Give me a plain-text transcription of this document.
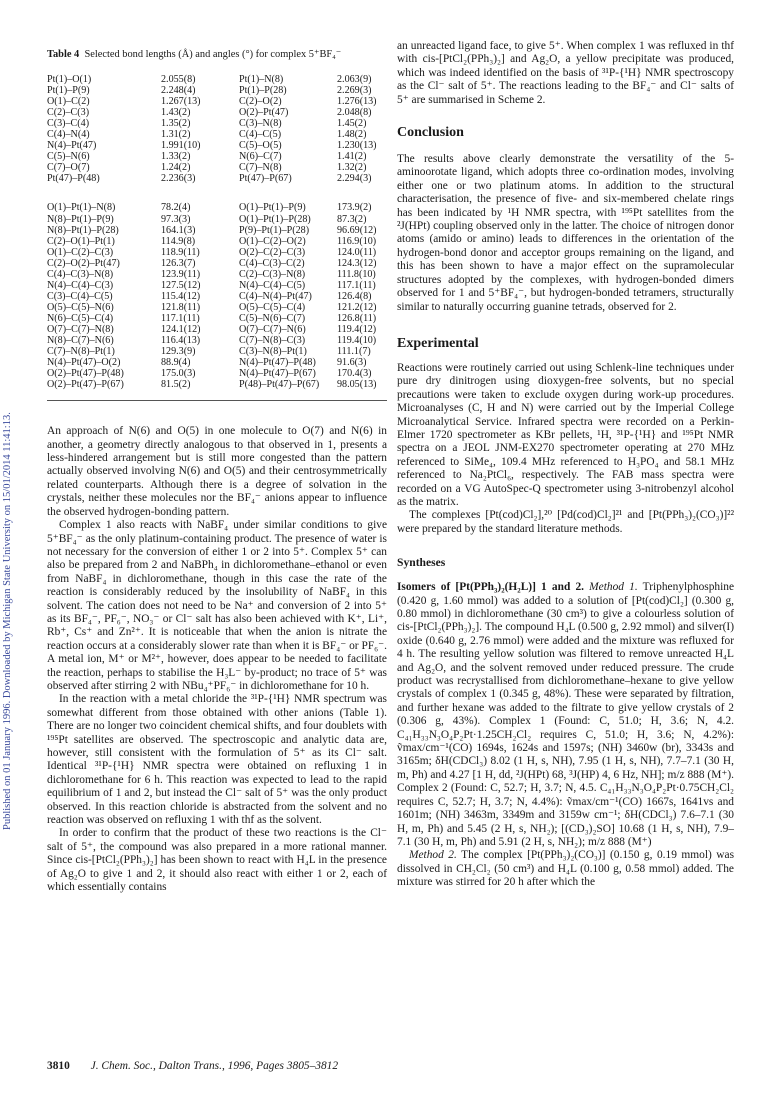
Published on 01 January 1996. Downloaded by Michigan State University on 15/01/2014 11:41:13.
Table 4 Selected bond lengths (Å) and angles (°) for complex 5⁺BF₄⁻
Pt(1)–O(1)	2.055(8)	Pt(1)–N(8)	2.063(9)
Pt(1)–P(9)	2.248(4)	Pt(1)–P(28)	2.269(3)
O(1)–C(2)	1.267(13)	C(2)–O(2)	1.276(13)
C(2)–C(3)	1.43(2)	O(2)–Pt(47)	2.048(8)
C(3)–C(4)	1.35(2)	C(3)–N(8)	1.45(2)
C(4)–N(4)	1.31(2)	C(4)–C(5)	1.48(2)
N(4)–Pt(47)	1.991(10)	C(5)–O(5)	1.230(13)
C(5)–N(6)	1.33(2)	N(6)–C(7)	1.41(2)
C(7)–O(7)	1.24(2)	C(7)–N(8)	1.32(2)
Pt(47)–P(48)	2.236(3)	Pt(47)–P(67)	2.294(3)

O(1)–Pt(1)–N(8)	78.2(4)	O(1)–Pt(1)–P(9)	173.9(2)
N(8)–Pt(1)–P(9)	97.3(3)	O(1)–Pt(1)–P(28)	87.3(2)
N(8)–Pt(1)–P(28)	164.1(3)	P(9)–Pt(1)–P(28)	96.69(12)
C(2)–O(1)–Pt(1)	114.9(8)	O(1)–C(2)–O(2)	116.9(10)
O(1)–C(2)–C(3)	118.9(11)	O(2)–C(2)–C(3)	124.0(11)
C(2)–O(2)–Pt(47)	126.3(7)	C(4)–C(3)–C(2)	124.3(12)
C(4)–C(3)–N(8)	123.9(11)	C(2)–C(3)–N(8)	111.8(10)
N(4)–C(4)–C(3)	127.5(12)	N(4)–C(4)–C(5)	117.1(11)
C(3)–C(4)–C(5)	115.4(12)	C(4)–N(4)–Pt(47)	126.4(8)
O(5)–C(5)–N(6)	121.8(11)	O(5)–C(5)–C(4)	121.2(12)
N(6)–C(5)–C(4)	117.1(11)	C(5)–N(6)–C(7)	126.8(11)
O(7)–C(7)–N(8)	124.1(12)	O(7)–C(7)–N(6)	119.4(12)
N(8)–C(7)–N(6)	116.4(13)	C(7)–N(8)–C(3)	119.4(10)
C(7)–N(8)–Pt(1)	129.3(9)	C(3)–N(8)–Pt(1)	111.1(7)
N(4)–Pt(47)–O(2)	88.9(4)	N(4)–Pt(47)–P(48)	91.6(3)
O(2)–Pt(47)–P(48)	175.0(3)	N(4)–Pt(47)–P(67)	170.4(3)
O(2)–Pt(47)–P(67)	81.5(2)	P(48)–Pt(47)–P(67)	98.05(13)

An approach of N(6) and O(5) in one molecule to O(7) and N(6) in another, a geometry directly analogous to that observed in 1, presents a less-hindered arrangement but is still more congested than the pattern actually observed involving N(6) and O(5) and their centrosymmetrically related counterparts. Although there is a degree of solvation in the crystals, neither these molecules nor the BF₄⁻ anions appear to influence the observed hydrogen-bonding pattern.

Complex 1 also reacts with NaBF₄ under similar conditions to give 5⁺BF₄⁻ as the only platinum-containing product. The presence of water is not necessary for the conversion of either 1 or 2 into 5⁺. Complex 5⁺ can also be prepared from 2 and NaBPh₄ in dichloromethane–ethanol or even from NaBF₄ in dichloromethane, though in this case the rate of the reaction is considerably reduced by the insolubility of NaBF₄ in this solvent. The cation does not need to be Na⁺ and conversion of 2 into 5⁺ as its BF₄⁻, PF₆⁻, NO₃⁻ or Cl⁻ salt has also been achieved with K⁺, Li⁺, Rb⁺, Cs⁺ and Zn²⁺. It is noticeable that when the anion is nitrate the reaction occurs at a considerably slower rate than when it is BF₄⁻ or PF₆⁻. A metal ion, M⁺ or M²⁺, however, does appear to be needed to facilitate the reaction, perhaps to stabilise the H₃L⁻ by-product; no trace of 5⁺ was observed after stirring 2 with NBu₄⁺PF₆⁻ in dichloromethane for 10 h.

In the reaction with a metal chloride the ³¹P-{¹H} NMR spectrum was somewhat different from those obtained with other anions (Table 1). There are no longer two coincident chemical shifts, and four doublets with ¹⁹⁵Pt satellites are observed. The spectroscopic and analytic data are, however, still consistent with the formulation of 5⁺ as its Cl⁻ salt. Identical ³¹P-{¹H} NMR spectra were obtained on refluxing 1 in dichloromethane for 6 h. This reaction was expected to lead to the rapid equilibrium of 1 and 2, but instead the Cl⁻ salt of 5⁺ was the only product observed. In this reaction chloride is abstracted from the solvent and no reaction was observed on refluxing 1 with thf as the solvent.

In order to confirm that the product of these two reactions is the Cl⁻ salt of 5⁺, the compound was also prepared in a more rational manner. Since cis-[PtCl₂(PPh₃)₂] has been shown to react with H₄L in the presence of Ag₂O to give 1 and 2, it should also react with either 1 or 2, each of which essentially contains

an unreacted ligand face, to give 5⁺. When complex 1 was refluxed in thf with cis-[PtCl₂(PPh₃)₂] and Ag₂O, a yellow precipitate was produced, which was indeed identified on the basis of ³¹P-{¹H} NMR spectroscopy as the Cl⁻ salt of 5⁺. The reactions leading to the BF₄⁻ and Cl⁻ salts of 5⁺ are summarised in Scheme 2.

Conclusion

The results above clearly demonstrate the versatility of the 5-aminoorotate ligand, which adopts three co-ordination modes, involving either one or two platinum atoms. In addition to the structural characterisation, the presence of five- and six-membered chelate rings has been indicated by ¹H NMR spectra, with ¹⁹⁵Pt satellites from the ²J(HPt) coupling observed only in the latter. The choice of nitrogen donor atoms (amido or amino) leads to differences in the orientation of the hydrogen-bond donor and acceptor groups remaining on the ligand, and this has been shown to have a major effect on the supramolecular structures adopted by the complexes, with hydrogen-bonded dimers observed for 1 and 5⁺BF₄⁻, but hydrogen-bonded tetramers, structurally similar to naturally occurring guanine tetrads, observed for 2.

Experimental

Reactions were routinely carried out using Schlenk-line techniques under pure dry dinitrogen using dioxygen-free solvents, but no special precautions were taken to exclude oxygen during work-up procedures. Microanalyses (C, H and N) were carried out by the Imperial College Microanalytical Service. Infrared spectra were recorded on a Perkin-Elmer 1720 spectrometer as KBr pellets, ¹H, ³¹P-{¹H} and ¹⁹⁵Pt NMR spectra on a JEOL JNM-EX270 spectrometer operating at 270 MHz referenced to SiMe₄, 109.4 MHz referenced to H₃PO₄ and 58.1 MHz referenced to Na₂PtCl₆, respectively. The FAB mass spectra were recorded on a VG AutoSpec-Q spectrometer using 3-nitrobenzyl alcohol as the matrix.

The complexes [Pt(cod)Cl₂],²⁰ [Pd(cod)Cl₂]²¹ and [Pt(PPh₃)₂(CO₃)]²² were prepared by the standard literature methods.

Syntheses

Isomers of [Pt(PPh₃)₂(H₂L)] 1 and 2. Method 1. Triphenylphosphine (0.420 g, 1.60 mmol) was added to a solution of [Pt(cod)Cl₂] (0.300 g, 0.80 mmol) in dichloromethane (30 cm³) to give a colourless solution of cis-[PtCl₂(PPh₃)₂]. The compound H₄L (0.500 g, 2.92 mmol) and silver(I) oxide (0.640 g, 2.76 mmol) were added and the mixture was refluxed for 4 h. The resulting yellow solution was filtered to remove unreacted H₄L and Ag₂O, and the solvent removed under reduced pressure. The crude product was recrystallised from dichloromethane–hexane to give yellow crystals of complex 1 (0.345 g, 48%). These were separated by filtration, and further hexane was added to the filtrate to give yellow crystals of 2 (0.306 g, 43%). Complex 1 (Found: C, 51.0; H, 3.6; N, 4.2. C₄₁H₃₃N₃O₄P₂Pt·1.25CH₂Cl₂ requires C, 51.0; H, 3.6; N, 4.2%): ṽmax/cm⁻¹(CO) 1694s, 1624s and 1597s; (NH) 3460w (br), 3343s and 3165m; δH(CDCl₃) 8.02 (1 H, s, NH), 7.95 (1 H, s, NH), 7.7–7.1 (30 H, m, Ph) and 4.27 [1 H, dd, ²J(HPt) 68, ³J(HP) 4, 6 Hz, NH]; m/z 888 (M⁺). Complex 2 (Found: C, 52.7; H, 3.7; N, 4.5. C₄₁H₃₃N₃O₄P₂Pt·0.75CH₂Cl₂ requires C, 52.7; H, 3.7; N, 4.4%): ṽmax/cm⁻¹(CO) 1667s, 1641vs and 1601m; (NH) 3463m, 3349m and 3159w cm⁻¹; δH(CDCl₃) 7.6–7.1 (30 H, m, Ph) and 5.45 (2 H, s, NH₂); [(CD₃)₂SO] 10.68 (1 H, s, NH), 7.9–7.1 (30 H, m, Ph) and 5.91 (2 H, s, NH₂); m/z 888 (M⁺)

Method 2. The complex [Pt(PPh₃)₂(CO₃)] (0.150 g, 0.19 mmol) was dissolved in CH₂Cl₂ (50 cm³) and H₄L (0.100 g, 0.58 mmol) added. The mixture was stirred for 20 h after which the

3810 J. Chem. Soc., Dalton Trans., 1996, Pages 3805–3812
